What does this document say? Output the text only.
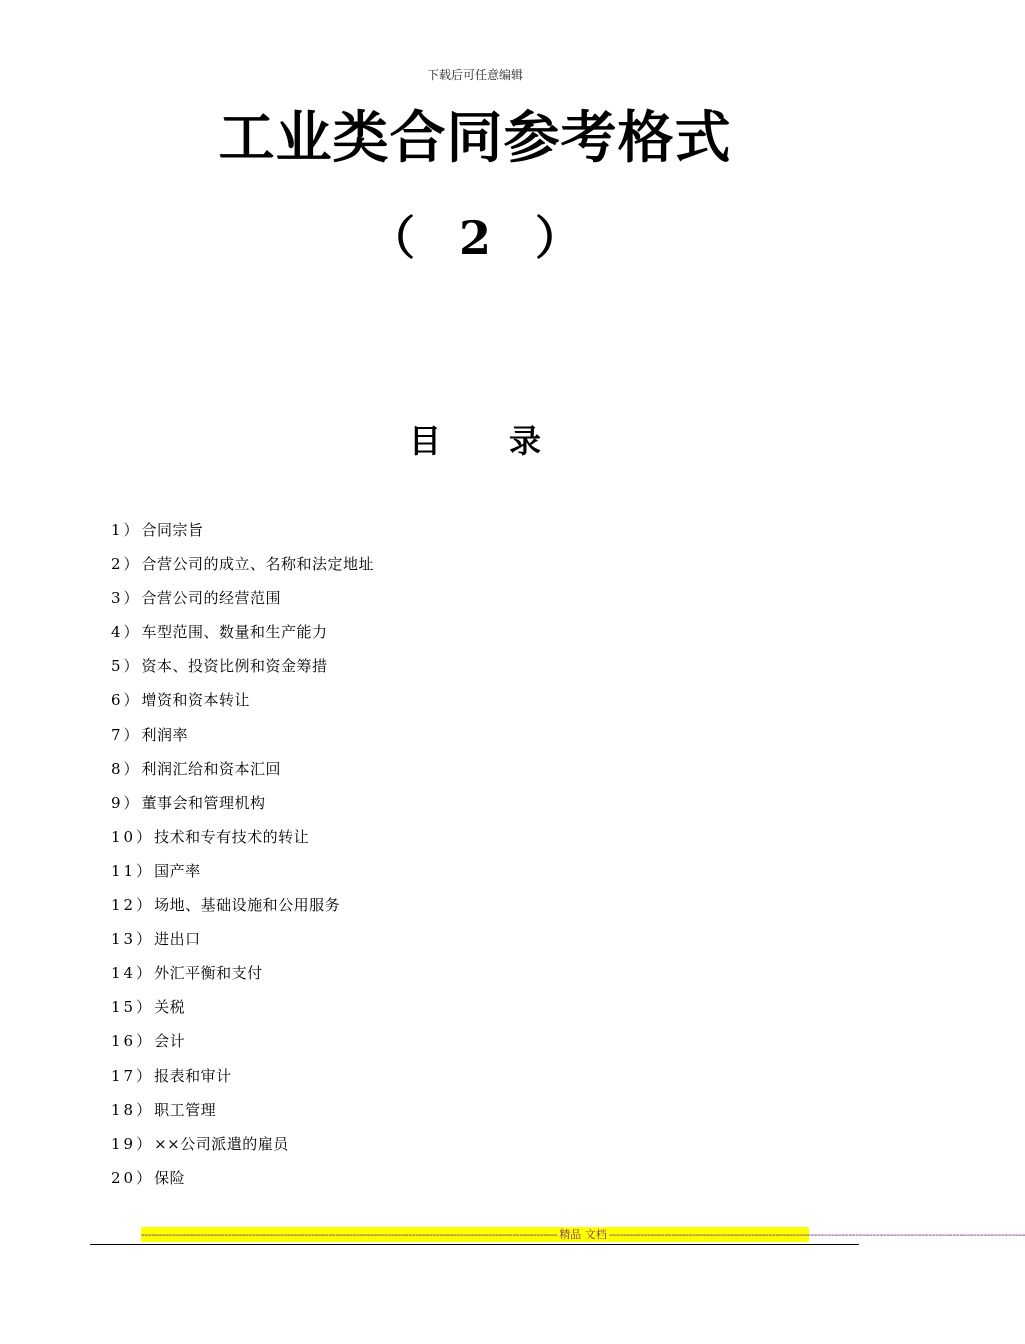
下载后可任意编辑
工业类合同参考格式
（ 2 ）
目 录
1）合同宗旨
2）合营公司的成立、名称和法定地址
3）合营公司的经营范围
4）车型范围、数量和生产能力
5）资本、投资比例和资金筹措
6）增资和资本转让
7）利润率
8）利润汇给和资本汇回
9）董事会和管理机构
10）技术和专有技术的转让
11）国产率
12）场地、基础设施和公用服务
13）进出口
14）外汇平衡和支付
15）关税
16）会计
17）报表和审计
18）职工管理
19）××公司派遣的雇员
20）保险
------------------------------------------------------------------------------------------------------------------------ 精品 文档 ------------------------------------------------------------------------------------------------------------------------
